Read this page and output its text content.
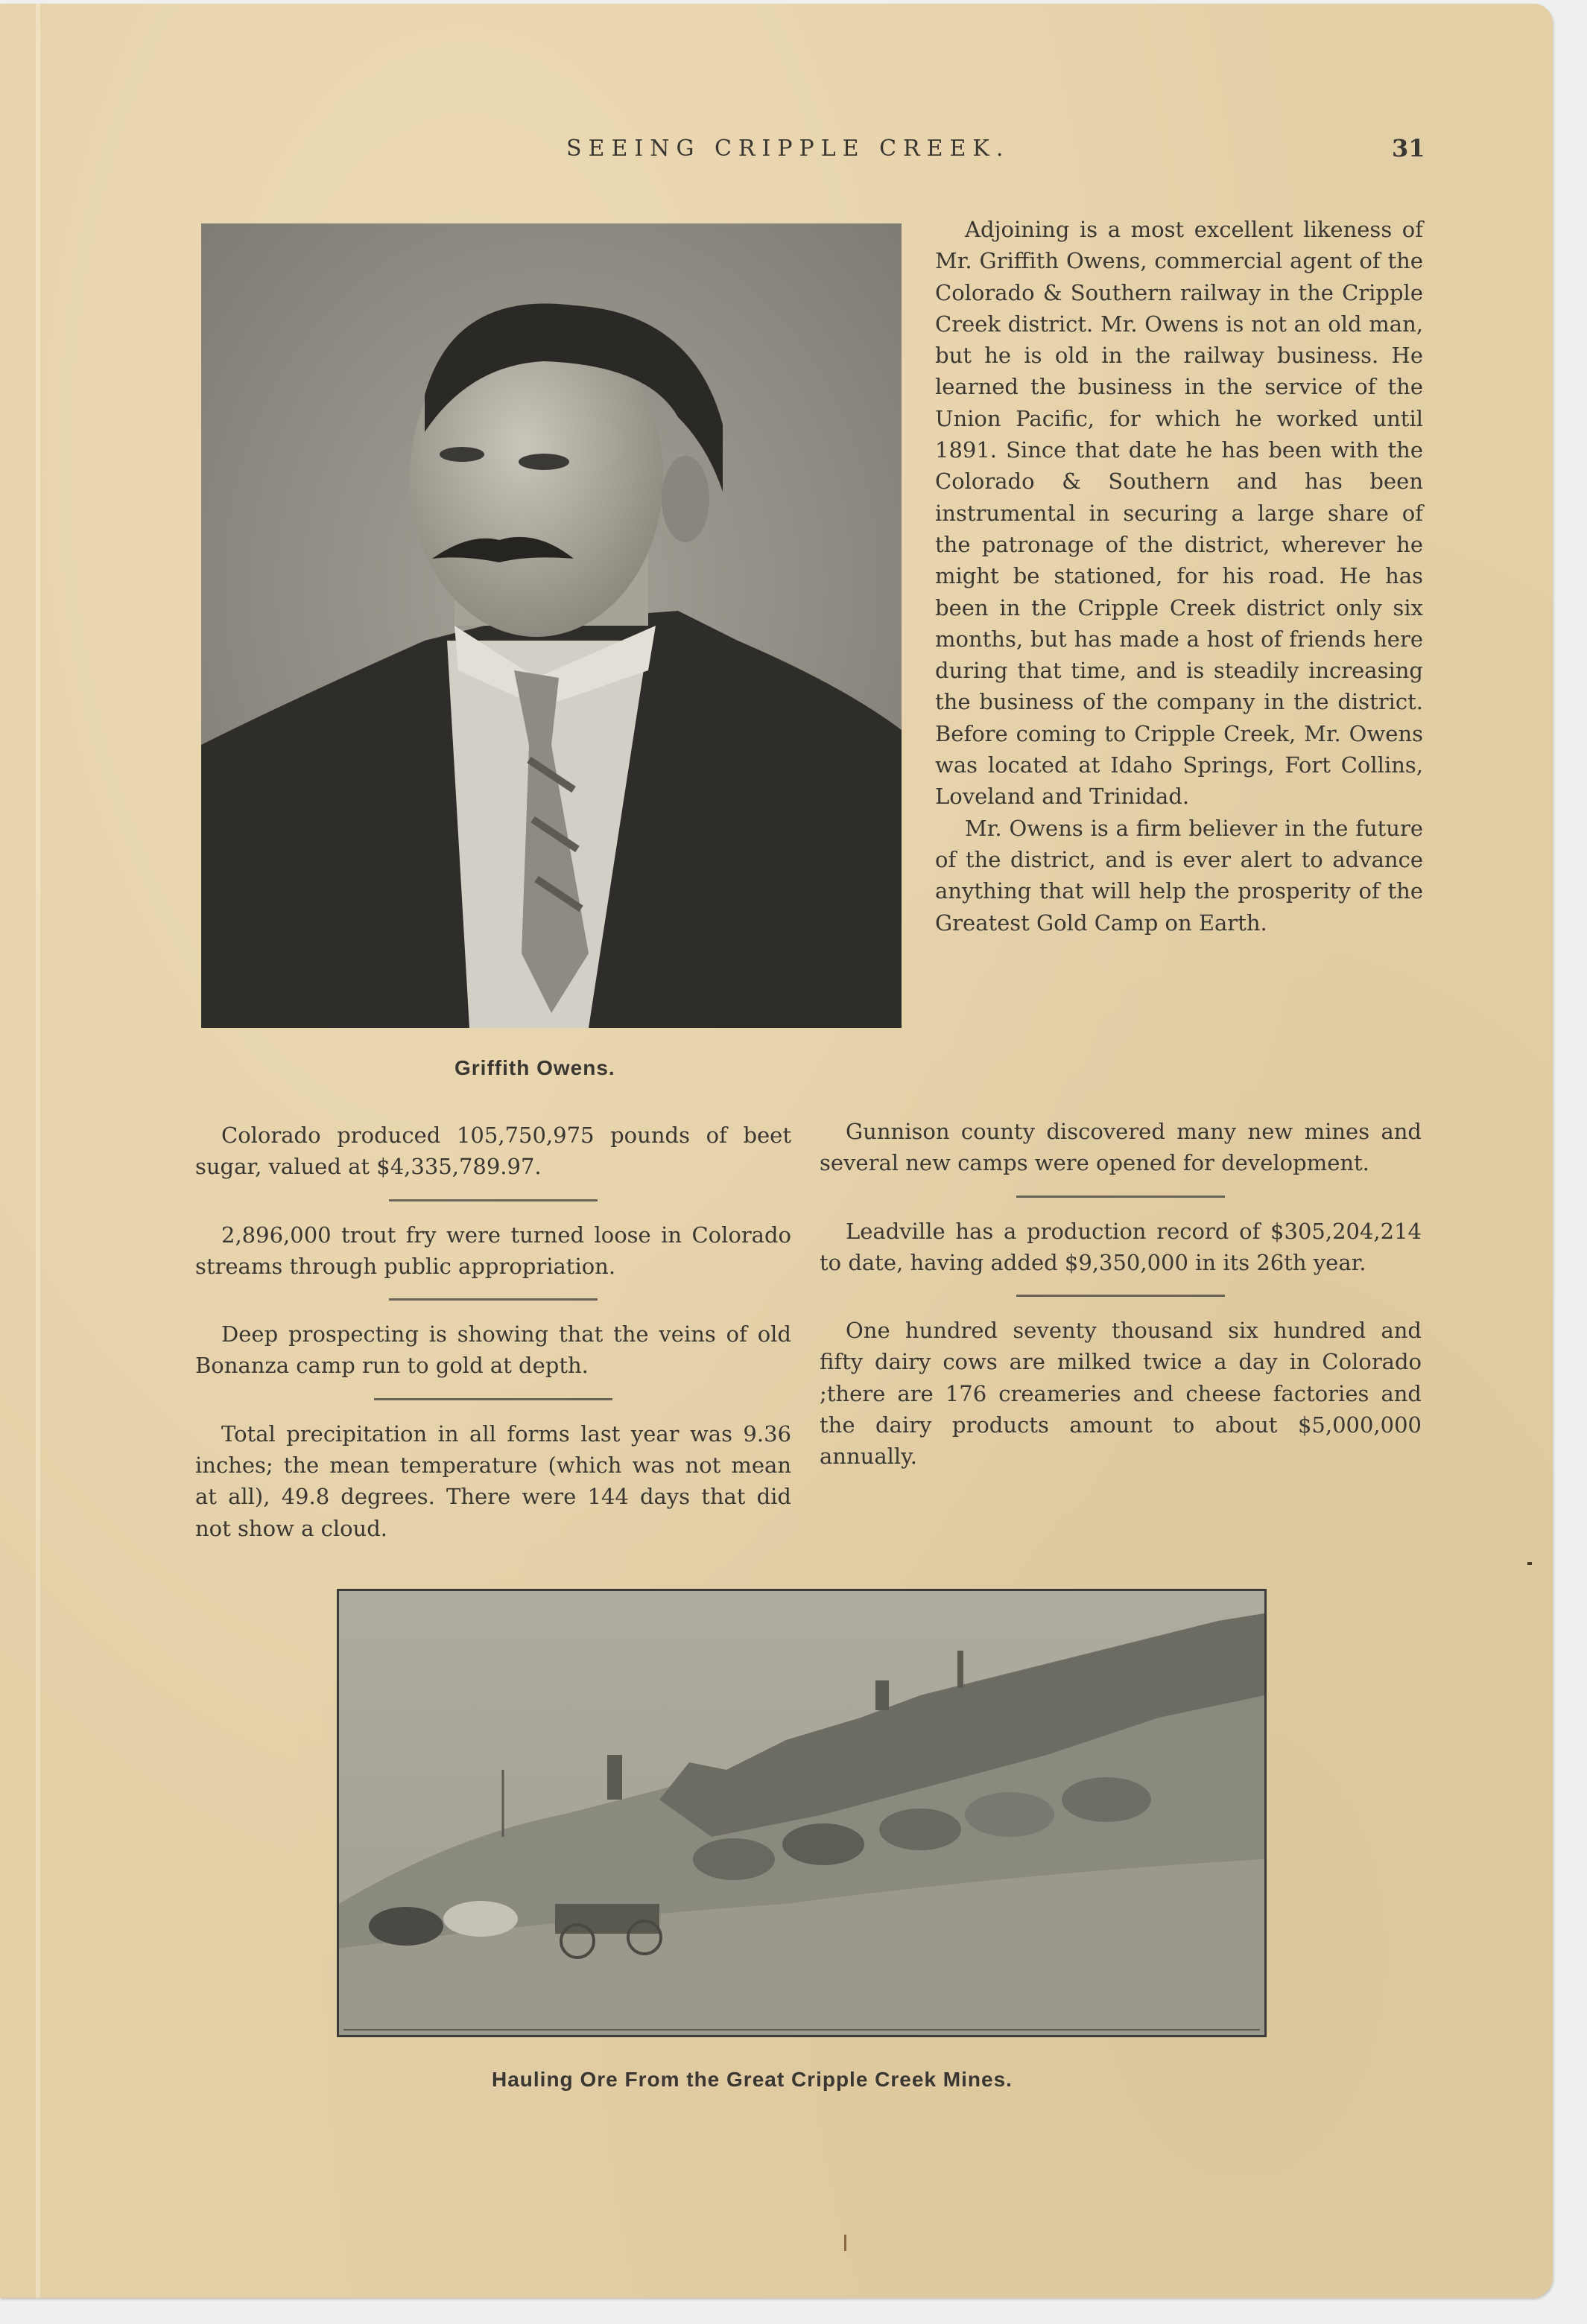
SEEING CRIPPLE CREEK.	31
Griffith Owens.

Adjoining is a most excellent likeness of Mr. Griffith Owens, commercial agent of the Colorado & Southern railway in the Cripple Creek district. Mr. Owens is not an old man, but he is old in the railway business. He learned the business in the service of the Union Pacific, for which he worked until 1891. Since that date he has been with the Colorado & Southern and has been instrumental in securing a large share of the patronage of the district, wherever he might be stationed, for his road. He has been in the Cripple Creek district only six months, but has made a host of friends here during that time, and is steadily increasing the business of the company in the district. Before coming to Cripple Creek, Mr. Owens was located at Idaho Springs, Fort Collins, Loveland and Trinidad.

Mr. Owens is a firm believer in the future of the district, and is ever alert to advance anything that will help the prosperity of the Greatest Gold Camp on Earth.

Colorado produced 105,750,975 pounds of beet sugar, valued at $4,335,789.97.

2,896,000 trout fry were turned loose in Colorado streams through public appropriation.

Deep prospecting is showing that the veins of old Bonanza camp run to gold at depth.

Total precipitation in all forms last year was 9.36 inches; the mean temperature (which was not mean at all), 49.8 degrees. There were 144 days that did not show a cloud.

Gunnison county discovered many new mines and several new camps were opened for development.

Leadville has a production record of $305,204,214 to date, having added $9,350,000 in its 26th year.

One hundred seventy thousand six hundred and fifty dairy cows are milked twice a day in Colorado ;there are 176 creameries and cheese factories and the dairy products amount to about $5,000,000 annually.

Hauling Ore From the Great Cripple Creek Mines.
